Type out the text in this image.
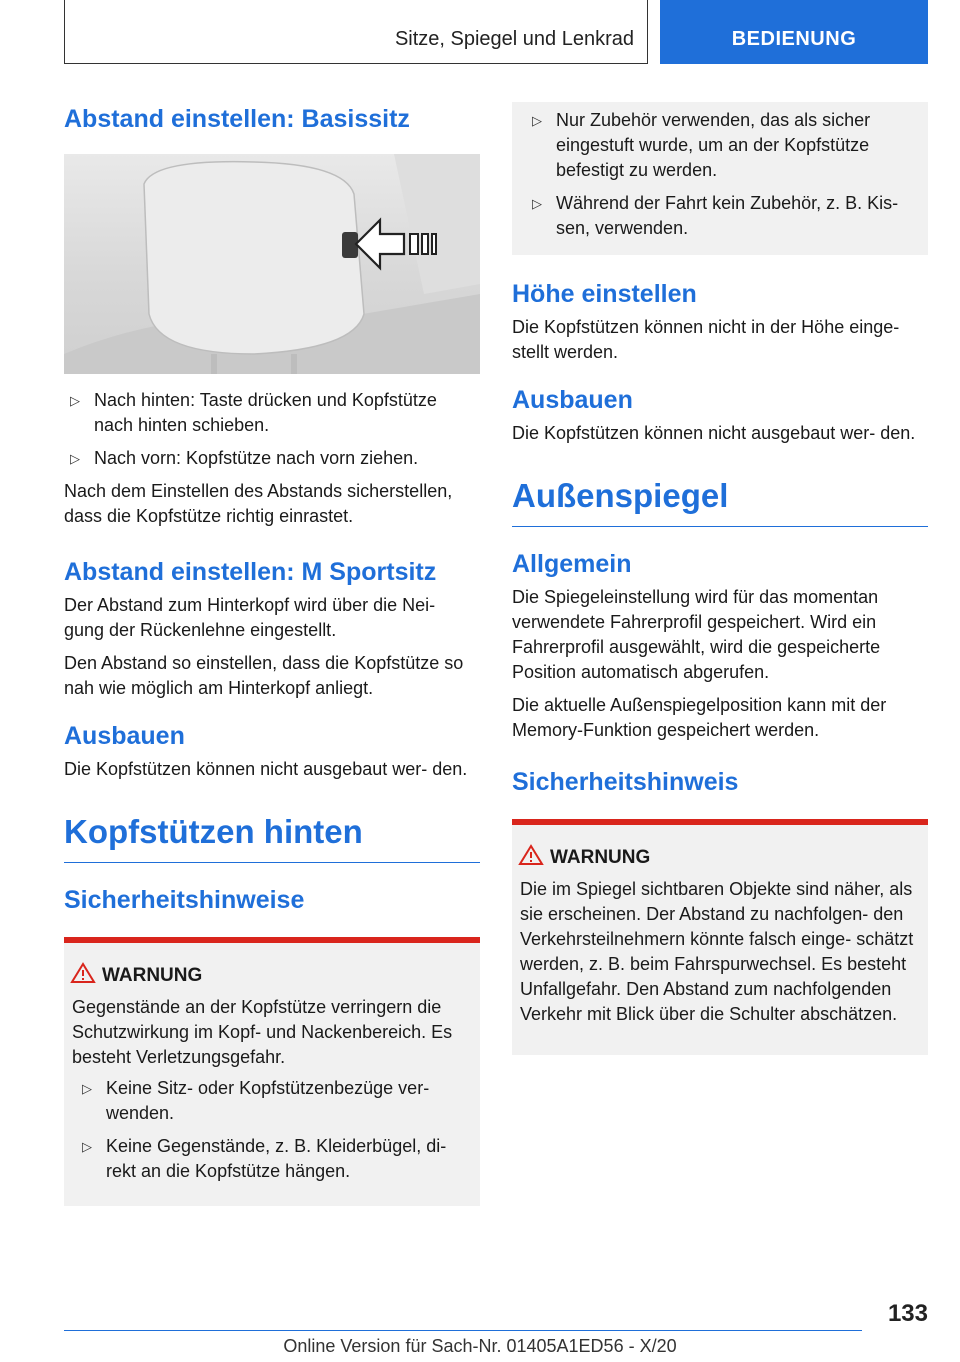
Sitze, Spiegel und Lenkrad	BEDIENUNG
Abstand einstellen: Basissitz
▷ Nach hinten: Taste drücken und Kopfstütze nach hinten schieben.
▷ Nach vorn: Kopfstütze nach vorn ziehen.

Nach dem Einstellen des Abstands sicherstellen, dass die Kopfstütze richtig einrastet.

Abstand einstellen: M Sportsitz

Der Abstand zum Hinterkopf wird über die Nei- gung der Rückenlehne eingestellt.

Den Abstand so einstellen, dass die Kopfstütze so nah wie möglich am Hinterkopf anliegt.

Ausbauen

Die Kopfstützen können nicht ausgebaut wer- den.

Kopfstützen hinten
Sicherheitshinweise
WARNUNG

Gegenstände an der Kopfstütze verringern die Schutzwirkung im Kopf- und Nackenbereich. Es besteht Verletzungsgefahr.

▷ Keine Sitz- oder Kopfstützenbezüge ver- wenden.
▷ Keine Gegenstände, z. B. Kleiderbügel, di- rekt an die Kopfstütze hängen.
▷ Nur Zubehör verwenden, das als sicher eingestuft wurde, um an der Kopfstütze befestigt zu werden.
▷ Während der Fahrt kein Zubehör, z. B. Kis- sen, verwenden.
Höhe einstellen

Die Kopfstützen können nicht in der Höhe einge- stellt werden.

Ausbauen

Die Kopfstützen können nicht ausgebaut wer- den.

Außenspiegel
Allgemein

Die Spiegeleinstellung wird für das momentan verwendete Fahrerprofil gespeichert. Wird ein Fahrerprofil ausgewählt, wird die gespeicherte Position automatisch abgerufen.

Die aktuelle Außenspiegelposition kann mit der Memory-Funktion gespeichert werden.

Sicherheitshinweis
WARNUNG

Die im Spiegel sichtbaren Objekte sind näher, als sie erscheinen. Der Abstand zu nachfolgen- den Verkehrsteilnehmern könnte falsch einge- schätzt werden, z. B. beim Fahrspurwechsel. Es besteht Unfallgefahr. Den Abstand zum nachfolgenden Verkehr mit Blick über die Schulter abschätzen.

133
Online Version für Sach-Nr. 01405A1ED56 - X/20
